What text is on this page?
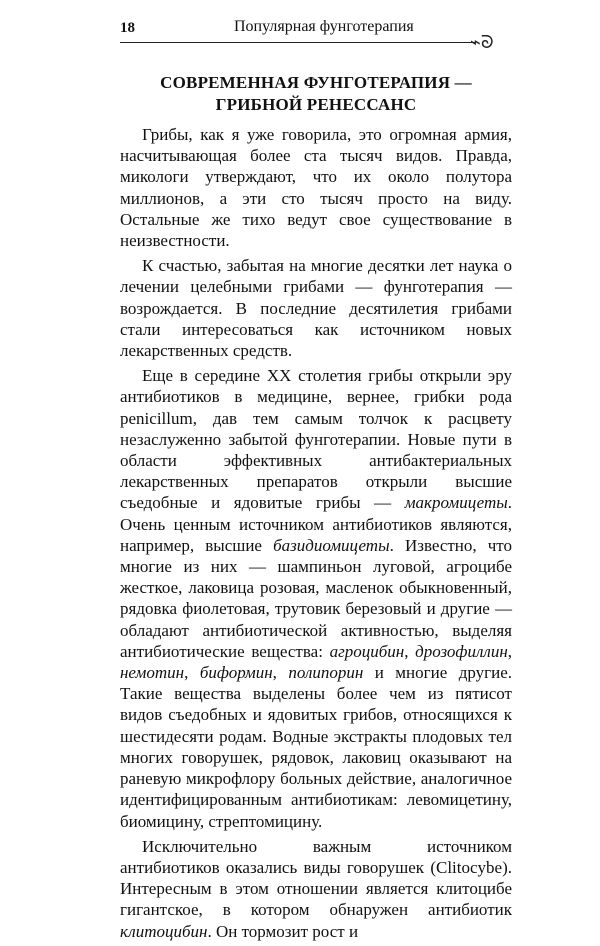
18	Популярная фунготерапия
⌁ᘐ
СОВРЕМЕННАЯ ФУНГОТЕРАПИЯ —
ГРИБНОЙ РЕНЕССАНС

Грибы, как я уже говорила, это огромная армия, насчитывающая более ста тысяч видов. Правда, микологи утверждают, что их около полутора миллионов, а эти сто тысяч просто на виду. Остальные же тихо ведут свое существование в неизвестности.

К счастью, забытая на многие десятки лет наука о лечении целебными грибами — фунготерапия — возрождается. В последние десятилетия грибами стали интересоваться как источником новых лекарственных средств.

Еще в середине XX столетия грибы открыли эру антибиотиков в медицине, вернее, грибки рода penicillum, дав тем самым толчок к расцвету незаслуженно забытой фунготерапии. Новые пути в области эффективных антибактериальных лекарственных препаратов открыли высшие съедобные и ядовитые грибы — макромицеты. Очень ценным источником антибиотиков являются, например, высшие базидиомицеты. Известно, что многие из них — шампиньон луговой, агроцибе жесткое, лаковица розовая, масленок обыкновенный, рядовка фиолетовая, трутовик березовый и другие — обладают антибиотической активностью, выделяя антибиотические вещества: агроцибин, дрозофиллин, немотин, биформин, полипорин и многие другие. Такие вещества выделены более чем из пятисот видов съедобных и ядовитых грибов, относящихся к шестидесяти родам. Водные экстракты плодовых тел многих говорушек, рядовок, лаковиц оказывают на раневую микрофлору больных действие, аналогичное идентифицированным антибиотикам: левомицетину, биомицину, стрептомицину.

Исключительно важным источником антибиотиков оказались виды говорушек (Clitocybe). Интересным в этом отношении является клитоцибе гигантское, в котором обнаружен антибиотик клитоцибин. Он тормозит рост и
